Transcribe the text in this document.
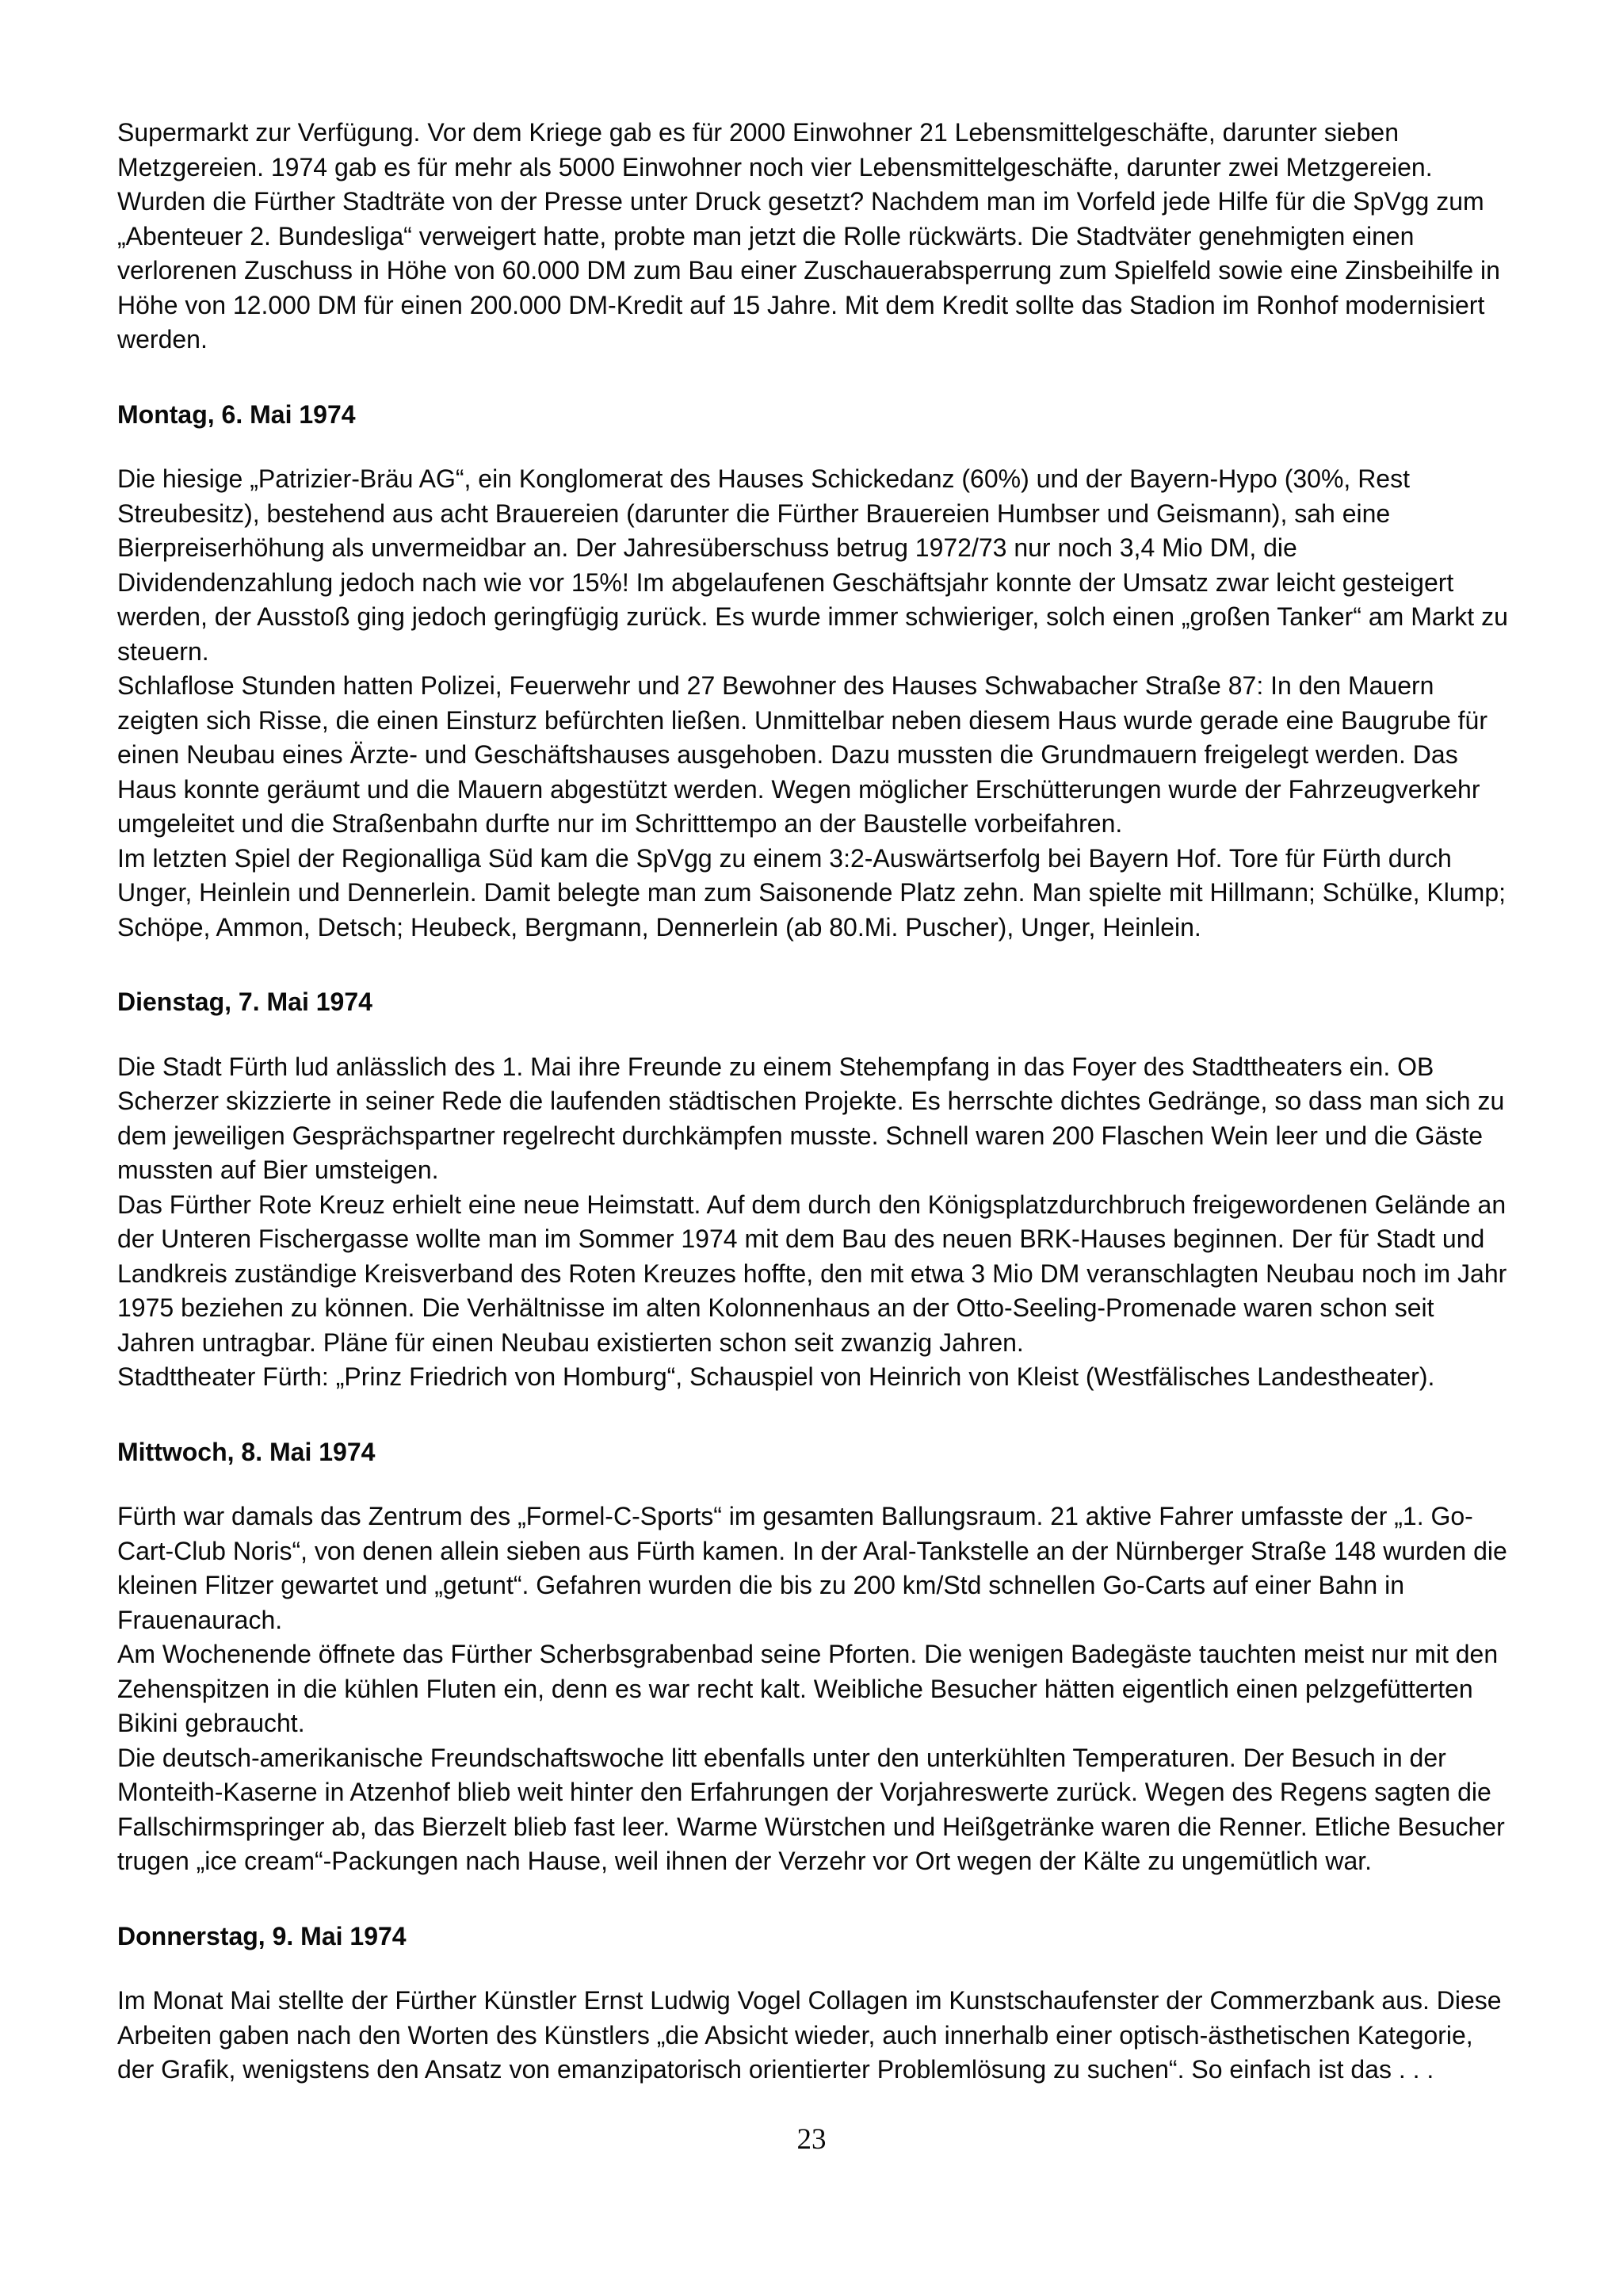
Supermarkt zur Verfügung. Vor dem Kriege gab es für 2000 Einwohner 21 Lebensmittelgeschäfte, darunter sieben Metzgereien. 1974 gab es für mehr als 5000 Einwohner noch vier Lebensmittelgeschäfte, darunter zwei Metzgereien.

Wurden die Fürther Stadträte von der Presse unter Druck gesetzt? Nachdem man im Vorfeld jede Hilfe für die SpVgg zum „Abenteuer 2. Bundesliga“ verweigert hatte, probte man jetzt die Rolle rückwärts. Die Stadtväter genehmigten einen verlorenen Zuschuss in Höhe von 60.000 DM zum Bau einer Zuschauerabsperrung zum Spielfeld sowie eine Zinsbeihilfe in Höhe von 12.000 DM für einen 200.000 DM-Kredit auf 15 Jahre. Mit dem Kredit sollte das Stadion im Ronhof modernisiert werden.

Montag, 6. Mai 1974

Die hiesige „Patrizier-Bräu AG“, ein Konglomerat des Hauses Schickedanz (60%) und der Bayern-Hypo (30%, Rest Streubesitz), bestehend aus acht Brauereien (darunter die Fürther Brauereien Humbser und Geismann), sah eine Bierpreiserhöhung als unvermeidbar an. Der Jahresüberschuss betrug 1972/73 nur noch 3,4 Mio DM, die Dividendenzahlung jedoch nach wie vor 15%! Im abgelaufenen Geschäftsjahr konnte der Umsatz zwar leicht gesteigert werden, der Ausstoß ging jedoch geringfügig zurück. Es wurde immer schwieriger, solch einen „großen Tanker“ am Markt zu steuern.

Schlaflose Stunden hatten Polizei, Feuerwehr und 27 Bewohner des Hauses Schwabacher Straße 87: In den Mauern zeigten sich Risse, die einen Einsturz befürchten ließen. Unmittelbar neben diesem Haus wurde gerade eine Baugrube für einen Neubau eines Ärzte- und Geschäftshauses ausgehoben. Dazu mussten die Grundmauern freigelegt werden. Das Haus konnte geräumt und die Mauern abgestützt werden. Wegen möglicher Erschütterungen wurde der Fahrzeugverkehr umgeleitet und die Straßenbahn durfte nur im Schritttempo an der Baustelle vorbeifahren.

Im letzten Spiel der Regionalliga Süd kam die SpVgg zu einem 3:2-Auswärtserfolg bei Bayern Hof. Tore für Fürth durch Unger, Heinlein und Dennerlein. Damit belegte man zum Saisonende Platz zehn. Man spielte mit Hillmann; Schülke, Klump; Schöpe, Ammon, Detsch; Heubeck, Bergmann, Dennerlein (ab 80.Mi. Puscher), Unger, Heinlein.

Dienstag, 7. Mai 1974

Die Stadt Fürth lud anlässlich des 1. Mai ihre Freunde zu einem Stehempfang in das Foyer des Stadttheaters ein. OB Scherzer skizzierte in seiner Rede die laufenden städtischen Projekte. Es herrschte dichtes Gedränge, so dass man sich zu dem jeweiligen Gesprächspartner regelrecht durchkämpfen musste. Schnell waren 200 Flaschen Wein leer und die Gäste mussten auf Bier umsteigen.

Das Fürther Rote Kreuz erhielt eine neue Heimstatt. Auf dem durch den Königsplatzdurchbruch freigewordenen Gelände an der Unteren Fischergasse wollte man im Sommer 1974 mit dem Bau des neuen BRK-Hauses beginnen. Der für Stadt und Landkreis zuständige Kreisverband des Roten Kreuzes hoffte, den mit etwa 3 Mio DM veranschlagten Neubau noch im Jahr 1975 beziehen zu können. Die Verhältnisse im alten Kolonnenhaus an der Otto-Seeling-Promenade waren schon seit Jahren untragbar. Pläne für einen Neubau existierten schon seit zwanzig Jahren.

Stadttheater Fürth: „Prinz Friedrich von Homburg“, Schauspiel von Heinrich von Kleist (Westfälisches Landestheater).

Mittwoch, 8. Mai 1974

Fürth war damals das Zentrum des „Formel-C-Sports“ im gesamten Ballungsraum. 21 aktive Fahrer umfasste der „1. Go-Cart-Club Noris“, von denen allein sieben aus Fürth kamen. In der Aral-Tankstelle an der Nürnberger Straße 148 wurden die kleinen Flitzer gewartet und „getunt“. Gefahren wurden die bis zu 200 km/Std schnellen Go-Carts auf einer Bahn in Frauenaurach.

Am Wochenende öffnete das Fürther Scherbsgrabenbad seine Pforten. Die wenigen Badegäste tauchten meist nur mit den Zehenspitzen in die kühlen Fluten ein, denn es war recht kalt. Weibliche Besucher hätten eigentlich einen pelzgefütterten Bikini gebraucht.

Die deutsch-amerikanische Freundschaftswoche litt ebenfalls unter den unterkühlten Temperaturen. Der Besuch in der Monteith-Kaserne in Atzenhof blieb weit hinter den Erfahrungen der Vorjahreswerte zurück. Wegen des Regens sagten die Fallschirmspringer ab, das Bierzelt blieb fast leer. Warme Würstchen und Heißgetränke waren die Renner. Etliche Besucher trugen „ice cream“-Packungen nach Hause, weil ihnen der Verzehr vor Ort wegen der Kälte zu ungemütlich war.

Donnerstag, 9. Mai 1974

Im Monat Mai stellte der Fürther Künstler Ernst Ludwig Vogel Collagen im Kunstschaufenster der Commerzbank aus. Diese Arbeiten gaben nach den Worten des Künstlers „die Absicht wieder, auch innerhalb einer optisch-ästhetischen Kategorie, der Grafik, wenigstens den Ansatz von emanzipatorisch orientierter Problemlösung zu suchen“. So einfach ist das . . .

23
